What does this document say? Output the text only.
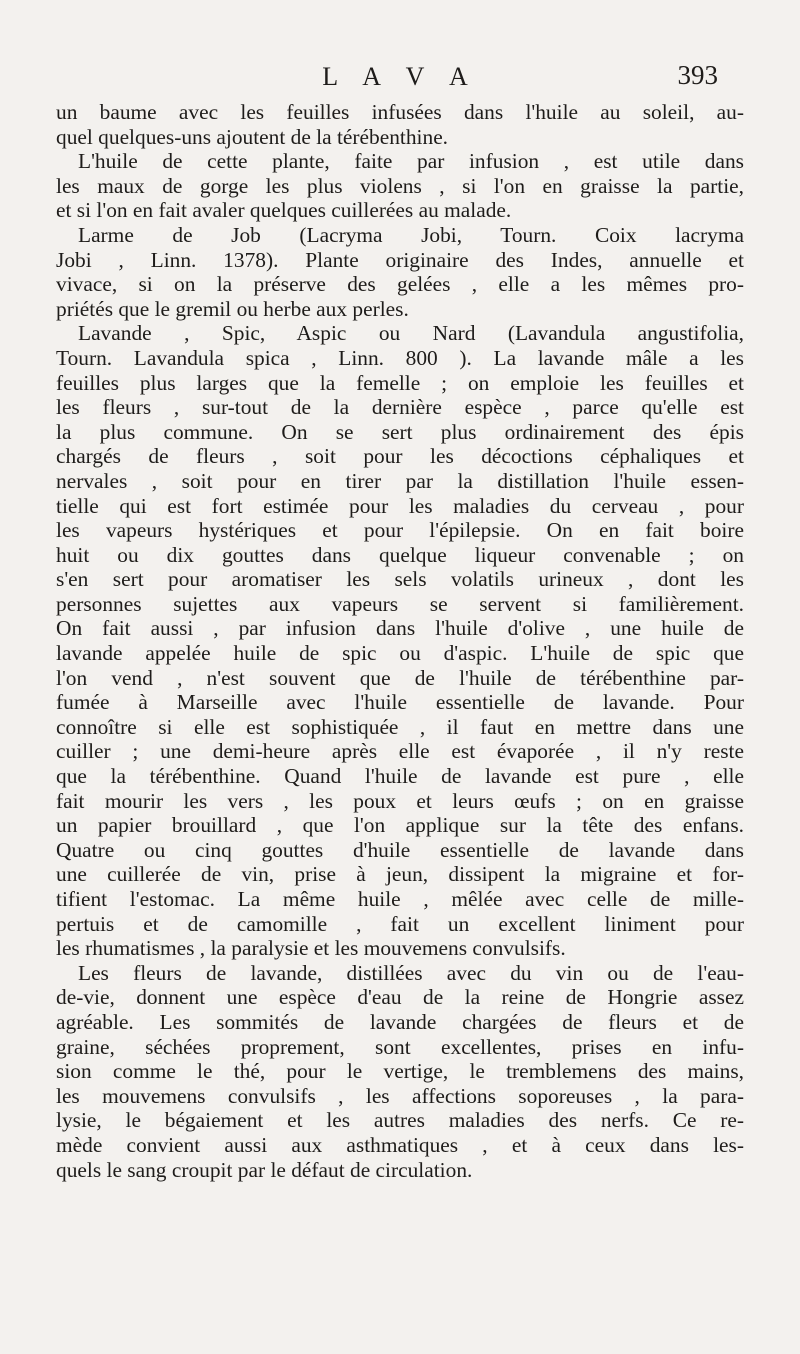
L A V A	393
un baume avec les feuilles infusées dans l'huile au soleil, au-
quel quelques-uns ajoutent de la térébenthine.
L'huile de cette plante, faite par infusion , est utile dans
les maux de gorge les plus violens , si l'on en graisse la partie,
et si l'on en fait avaler quelques cuillerées au malade.
Larme de Job (Lacryma Jobi, Tourn. Coix lacryma
Jobi , Linn. 1378). Plante originaire des Indes, annuelle et
vivace, si on la préserve des gelées , elle a les mêmes pro-
priétés que le gremil ou herbe aux perles.
Lavande , Spic, Aspic ou Nard (Lavandula angustifolia,
Tourn. Lavandula spica , Linn. 800 ). La lavande mâle a les
feuilles plus larges que la femelle ; on emploie les feuilles et
les fleurs , sur-tout de la dernière espèce , parce qu'elle est
la plus commune. On se sert plus ordinairement des épis
chargés de fleurs , soit pour les décoctions céphaliques et
nervales , soit pour en tirer par la distillation l'huile essen-
tielle qui est fort estimée pour les maladies du cerveau , pour
les vapeurs hystériques et pour l'épilepsie. On en fait boire
huit ou dix gouttes dans quelque liqueur convenable ; on
s'en sert pour aromatiser les sels volatils urineux , dont les
personnes sujettes aux vapeurs se servent si familièrement.
On fait aussi , par infusion dans l'huile d'olive , une huile de
lavande appelée huile de spic ou d'aspic. L'huile de spic que
l'on vend , n'est souvent que de l'huile de térébenthine par-
fumée à Marseille avec l'huile essentielle de lavande. Pour
connoître si elle est sophistiquée , il faut en mettre dans une
cuiller ; une demi-heure après elle est évaporée , il n'y reste
que la térébenthine. Quand l'huile de lavande est pure , elle
fait mourir les vers , les poux et leurs œufs ; on en graisse
un papier brouillard , que l'on applique sur la tête des enfans.
Quatre ou cinq gouttes d'huile essentielle de lavande dans
une cuillerée de vin, prise à jeun, dissipent la migraine et for-
tifient l'estomac. La même huile , mêlée avec celle de mille-
pertuis et de camomille , fait un excellent liniment pour
les rhumatismes , la paralysie et les mouvemens convulsifs.
Les fleurs de lavande, distillées avec du vin ou de l'eau-
de-vie, donnent une espèce d'eau de la reine de Hongrie assez
agréable. Les sommités de lavande chargées de fleurs et de
graine, séchées proprement, sont excellentes, prises en infu-
sion comme le thé, pour le vertige, le tremblemens des mains,
les mouvemens convulsifs , les affections soporeuses , la para-
lysie, le bégaiement et les autres maladies des nerfs. Ce re-
mède convient aussi aux asthmatiques , et à ceux dans les-
quels le sang croupit par le défaut de circulation.
